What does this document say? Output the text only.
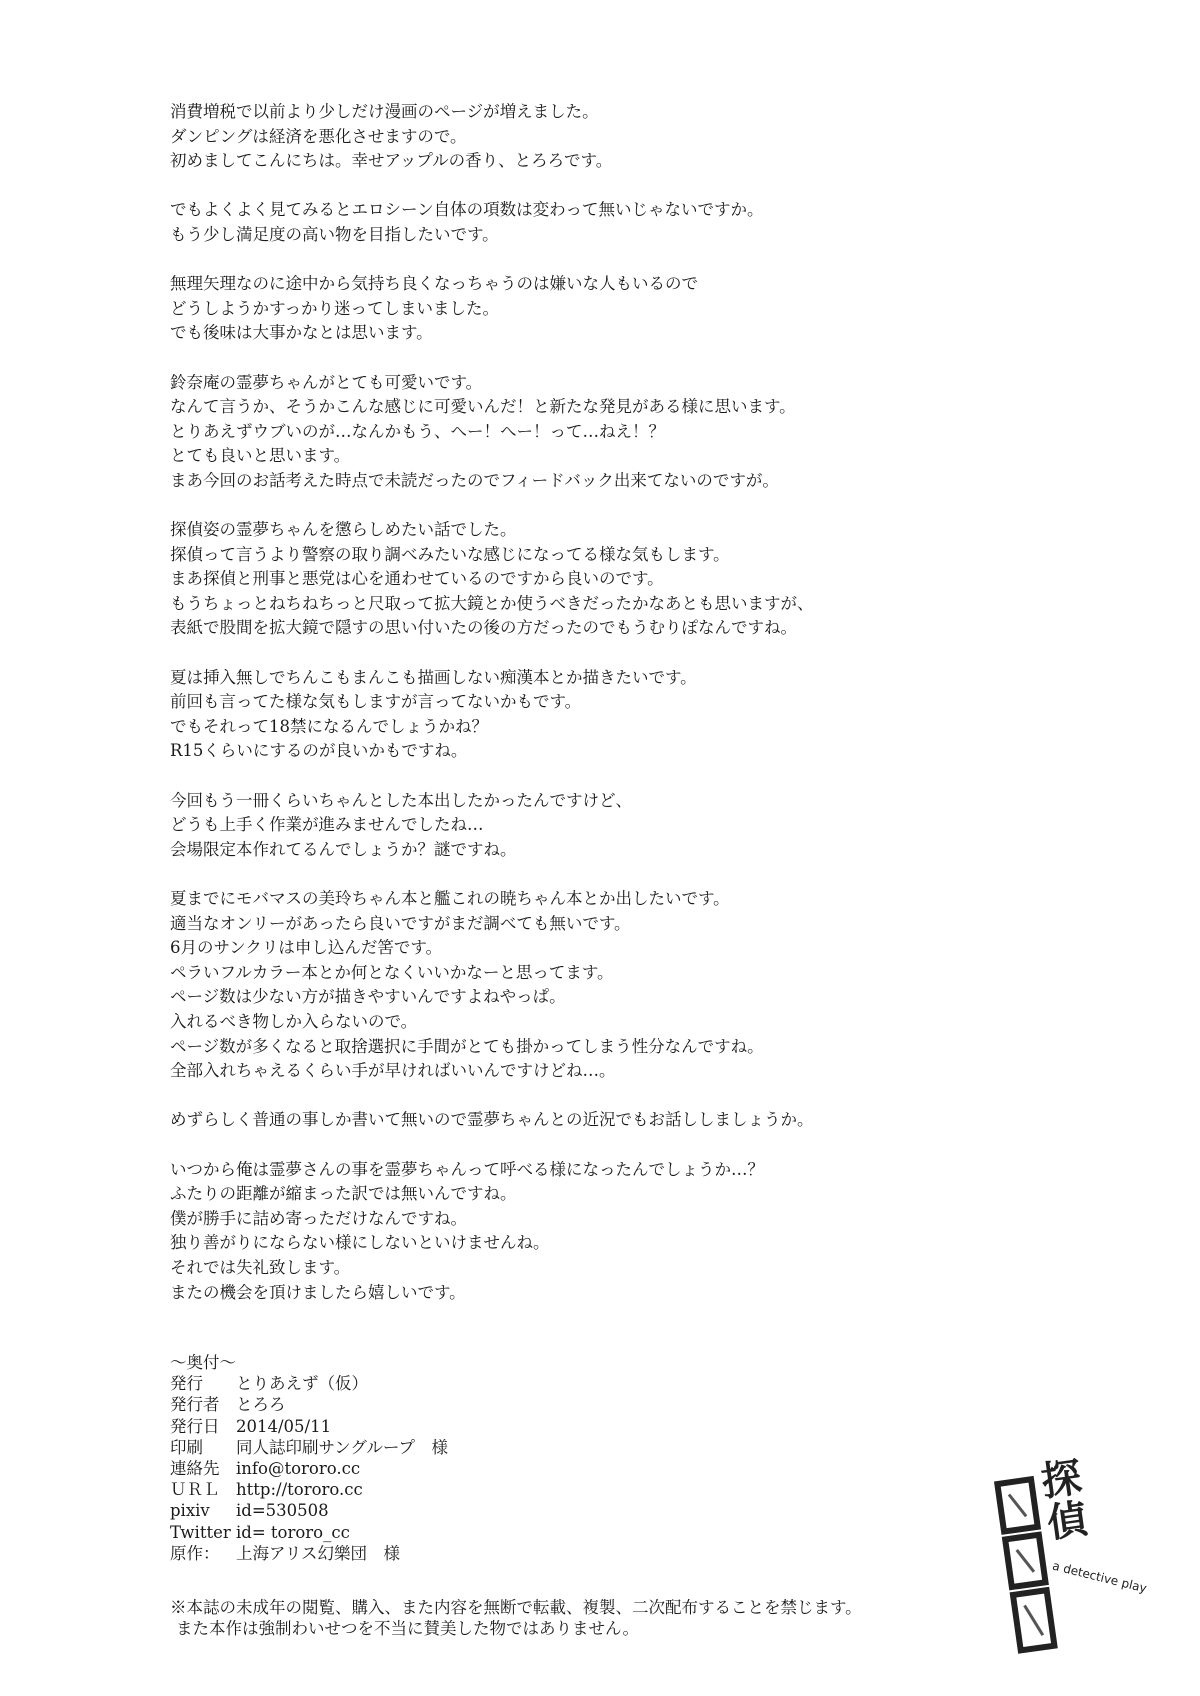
消費増税で以前より少しだけ漫画のページが増えました。
ダンピングは経済を悪化させますので。
初めましてこんにちは。幸せアップルの香り、とろろです。
でもよくよく見てみるとエロシーン自体の項数は変わって無いじゃないですか。
もう少し満足度の高い物を目指したいです。
無理矢理なのに途中から気持ち良くなっちゃうのは嫌いな人もいるので
どうしようかすっかり迷ってしまいました。
でも後味は大事かなとは思います。
鈴奈庵の霊夢ちゃんがとても可愛いです。
なんて言うか、そうかこんな感じに可愛いんだ！と新たな発見がある様に思います。
とりあえずウブいのが…なんかもう、へー！へー！って…ねえ！？
とても良いと思います。
まあ今回のお話考えた時点で未読だったのでフィードバック出来てないのですが。
探偵姿の霊夢ちゃんを懲らしめたい話でした。
探偵って言うより警察の取り調べみたいな感じになってる様な気もします。
まあ探偵と刑事と悪党は心を通わせているのですから良いのです。
もうちょっとねちねちっと尺取って拡大鏡とか使うべきだったかなあとも思いますが、
表紙で股間を拡大鏡で隠すの思い付いたの後の方だったのでもうむりぽなんですね。
夏は挿入無しでちんこもまんこも描画しない痴漢本とか描きたいです。
前回も言ってた様な気もしますが言ってないかもです。
でもそれって18禁になるんでしょうかね？
R15くらいにするのが良いかもですね。
今回もう一冊くらいちゃんとした本出したかったんですけど、
どうも上手く作業が進みませんでしたね…
会場限定本作れてるんでしょうか？謎ですね。
夏までにモバマスの美玲ちゃん本と艦これの暁ちゃん本とか出したいです。
適当なオンリーがあったら良いですがまだ調べても無いです。
6月のサンクリは申し込んだ筈です。
ペラいフルカラー本とか何となくいいかなーと思ってます。
ページ数は少ない方が描きやすいんですよねやっぱ。
入れるべき物しか入らないので。
ページ数が多くなると取捨選択に手間がとても掛かってしまう性分なんですね。
全部入れちゃえるくらい手が早ければいいんですけどね…。
めずらしく普通の事しか書いて無いので霊夢ちゃんとの近況でもお話ししましょうか。
いつから俺は霊夢さんの事を霊夢ちゃんって呼べる様になったんでしょうか…？
ふたりの距離が縮まった訳では無いんですね。
僕が勝手に詰め寄っただけなんですね。
独り善がりにならない様にしないといけませんね。
それでは失礼致します。
またの機会を頂けましたら嬉しいです。
〜奥付〜
発行	とりあえず（仮）
発行者	とろろ
発行日	2014/05/11
印刷	同人誌印刷サングループ　様
連絡先	info@tororo.cc
ＵＲＬ	http://tororo.cc
pixiv	id=530508
Twitter id= tororo_cc
原作：	上海アリス幻樂団　様
※本誌の未成年の閲覧、購入、また内容を無断で転載、複製、二次配布することを禁じます。
また本作は強制わいせつを不当に賛美した物ではありません。
探
偵
a detective play
